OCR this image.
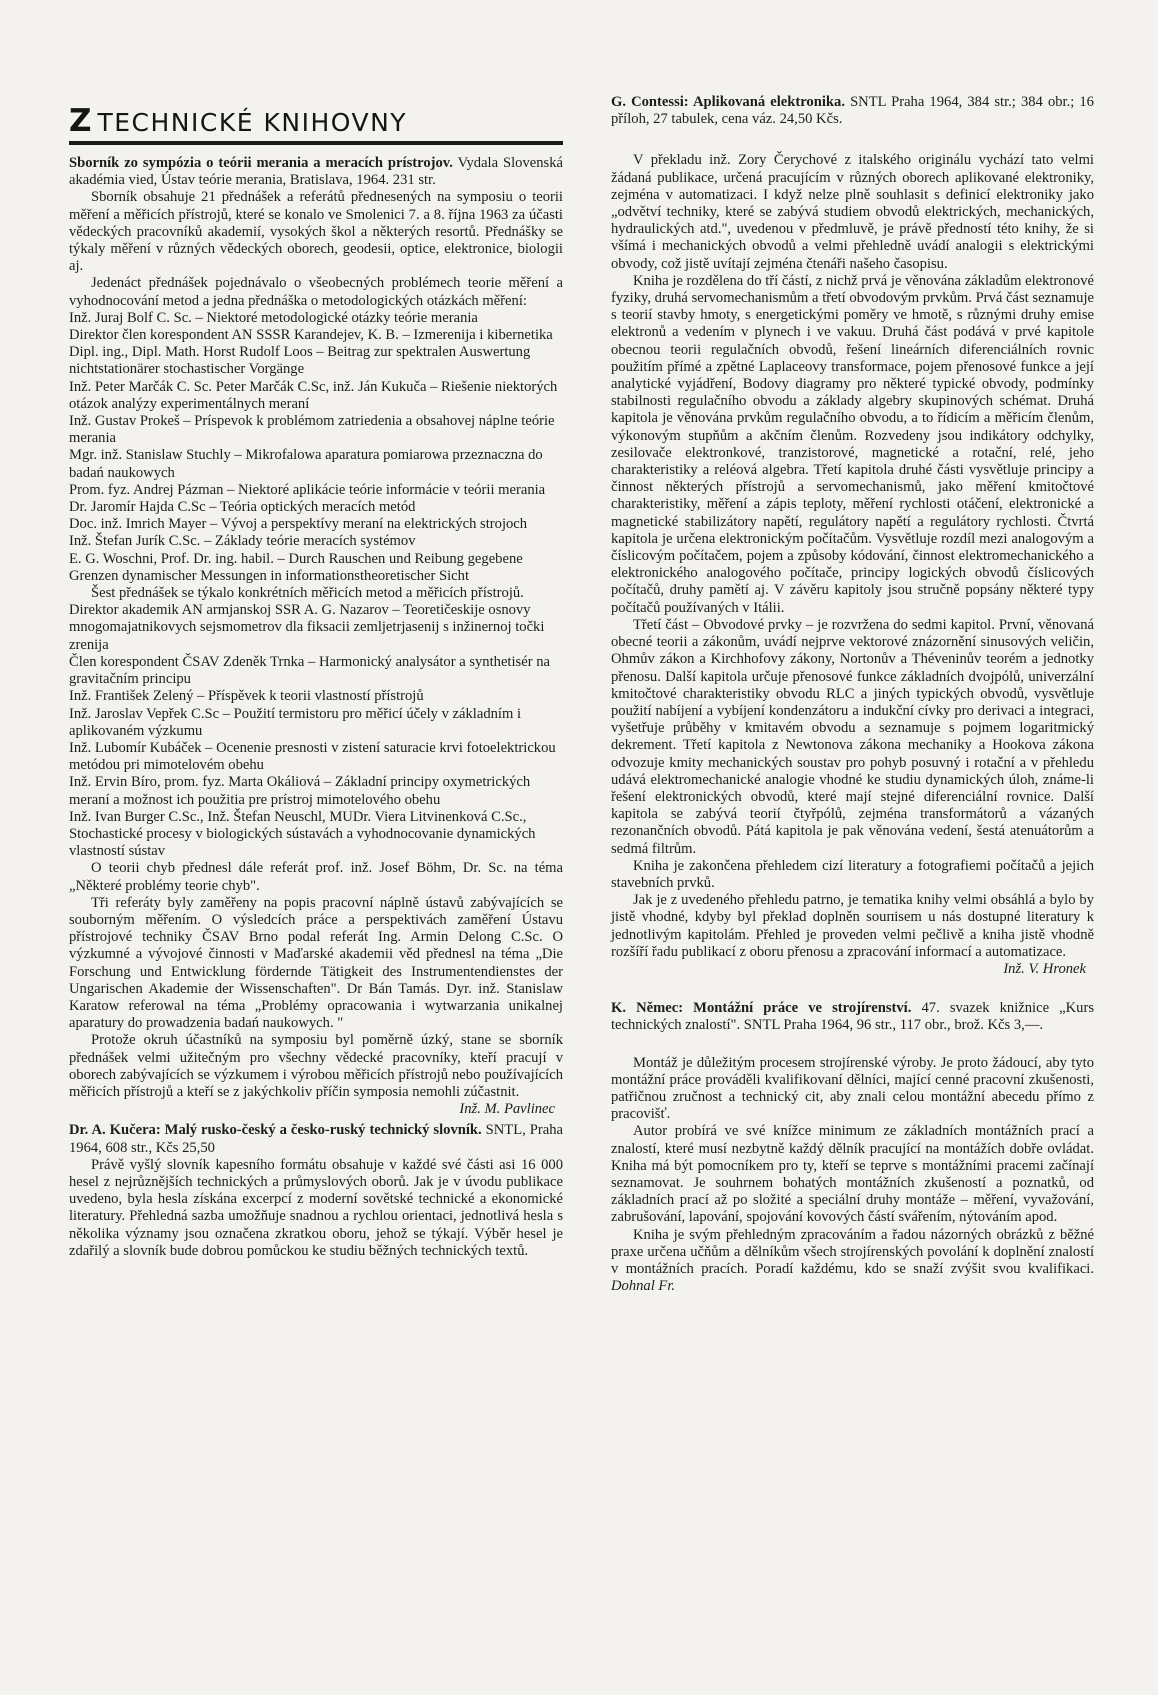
Z TECHNICKÉ KNIHOVNY

Sborník zo sympózia o teórii merania a meracích prístrojov. Vydala Slovenská akadémia vied, Ústav teórie merania, Bratislava, 1964. 231 str.

Sborník obsahuje 21 přednášek a referátů přednesených na symposiu o teorii měření a měřicích přístrojů, které se konalo ve Smolenici 7. a 8. října 1963 za účasti vědeckých pracovníků akademií, vysokých škol a některých resortů. Přednášky se týkaly měření v různých vědeckých oborech, geodesii, optice, elektronice, biologii aj.

Jedenáct přednášek pojednávalo o všeobecných problémech teorie měření a vyhodnocování metod a jedna přednáška o metodologických otázkách měření:

Inž. Juraj Bolf C. Sc. – Niektoré metodologické otázky teórie merania

Direktor člen korespondent AN SSSR Karandejev, K. B. – Izmerenija i kibernetika

Dipl. ing., Dipl. Math. Horst Rudolf Loos – Beitrag zur spektralen Auswertung nichtstationärer stochastischer Vorgänge

Inž. Peter Marčák C. Sc. Peter Marčák C.Sc, inž. Ján Kukuča – Riešenie niektorých otázok analýzy experimentálnych meraní

Inž. Gustav Prokeš – Príspevok k problémom zatriedenia a obsahovej náplne teórie merania

Mgr. inž. Stanislaw Stuchly – Mikrofalowa aparatura pomiarowa przeznaczna do badań naukowych

Prom. fyz. Andrej Pázman – Niektoré aplikácie teórie informácie v teórii merania

Dr. Jaromír Hajda C.Sc – Teória optických meracích metód

Doc. inž. Imrich Mayer – Vývoj a perspektívy meraní na elektrických strojoch

Inž. Štefan Jurík C.Sc. – Základy teórie meracích systémov

E. G. Woschni, Prof. Dr. ing. habil. – Durch Rauschen und Reibung gegebene Grenzen dynamischer Messungen in informationstheoretischer Sicht

Šest přednášek se týkalo konkrétních měřicích metod a měřicích přístrojů.

Direktor akademik AN armjanskoj SSR A. G. Nazarov – Teoretičeskije osnovy mnogomajatnikovych sejsmometrov dla fiksacii zemljetrjasenij s inžinernoj točki zrenija

Člen korespondent ČSAV Zdeněk Trnka – Harmonický analysátor a synthetisér na gravitačním principu

Inž. František Zelený – Příspěvek k teorii vlastností přístrojů

Inž. Jaroslav Vepřek C.Sc – Použití termistoru pro měřicí účely v základním i aplikovaném výzkumu

Inž. Lubomír Kubáček – Ocenenie presnosti v zistení saturacie krvi fotoelektrickou metódou pri mimotelovém obehu

Inž. Ervin Bíro, prom. fyz. Marta Okáliová – Základní principy oxymetrických meraní a možnost ich použitia pre prístroj mimotelového obehu

Inž. Ivan Burger C.Sc., Inž. Štefan Neuschl, MUDr. Viera Litvinenková C.Sc., Stochastické procesy v biologických sústavách a vyhodnocovanie dynamických vlastností sústav

O teorii chyb přednesl dále referát prof. inž. Josef Böhm, Dr. Sc. na téma „Některé problémy teorie chyb".

Tři referáty byly zaměřeny na popis pracovní náplně ústavů zabývajících se souborným měřením. O výsledcích práce a perspektivách zaměření Ústavu přístrojové techniky ČSAV Brno podal referát Ing. Armin Delong C.Sc. O výzkumné a vývojové činnosti v Maďarské akademii věd přednesl na téma „Die Forschung und Entwicklung fördernde Tätigkeit des Instrumentendienstes der Ungarischen Akademie der Wissenschaften". Dr Bán Tamás. Dyr. inž. Stanislaw Karatow referowal na téma „Problémy opracowania i wytwarzania unikalnej aparatury do prowadzenia badań naukowych. "

Protože okruh účastníků na symposiu byl poměrně úzký, stane se sborník přednášek velmi užitečným pro všechny vědecké pracovníky, kteří pracují v oborech zabývajících se výzkumem i výrobou měřicích přístrojů nebo používajících měřicích přístrojů a kteří se z jakýchkoliv příčin symposia nemohli zúčastnit.

Inž. M. Pavlinec

Dr. A. Kučera: Malý rusko-český a česko-ruský technický slovník. SNTL, Praha 1964, 608 str., Kčs 25,50

Právě vyšlý slovník kapesního formátu obsahuje v každé své části asi 16 000 hesel z nejrůznějších technických a průmyslových oborů. Jak je v úvodu publikace uvedeno, byla hesla získána excerpcí z moderní sovětské technické a ekonomické literatury. Přehledná sazba umožňuje snadnou a rychlou orientaci, jednotlivá hesla s několika významy jsou označena zkratkou oboru, jehož se týkají. Výběr hesel je zdařilý a slovník bude dobrou pomůckou ke studiu běžných technických textů.

G. Contessi: Aplikovaná elektronika. SNTL Praha 1964, 384 str.; 384 obr.; 16 příloh, 27 tabulek, cena váz. 24,50 Kčs.

V překladu inž. Zory Čerychové z italského originálu vychází tato velmi žádaná publikace, určená pracujícím v různých oborech aplikované elektroniky, zejména v automatizaci. I když nelze plně souhlasit s definicí elektroniky jako „odvětví techniky, které se zabývá studiem obvodů elektrických, mechanických, hydraulických atd.", uvedenou v předmluvě, je právě předností této knihy, že si všímá i mechanických obvodů a velmi přehledně uvádí analogii s elektrickými obvody, což jistě uvítají zejména čtenáři našeho časopisu.

Kniha je rozdělena do tří částí, z nichž prvá je věnována základům elektronové fyziky, druhá servomechanismům a třetí obvodovým prvkům. Prvá část seznamuje s teorií stavby hmoty, s energetickými poměry ve hmotě, s různými druhy emise elektronů a vedením v plynech i ve vakuu. Druhá část podává v prvé kapitole obecnou teorii regulačních obvodů, řešení lineárních diferenciálních rovnic použitím přímé a zpětné Laplaceovy transformace, pojem přenosové funkce a její analytické vyjádření, Bodovy diagramy pro některé typické obvody, podmínky stabilnosti regulačního obvodu a základy algebry skupinových schémat. Druhá kapitola je věnována prvkům regulačního obvodu, a to řídicím a měřicím členům, výkonovým stupňům a akčním členům. Rozvedeny jsou indikátory odchylky, zesilovače elektronkové, tranzistorové, magnetické a rotační, relé, jeho charakteristiky a reléová algebra. Třetí kapitola druhé části vysvětluje principy a činnost některých přístrojů a servomechanismů, jako měření kmitočtové charakteristiky, měření a zápis teploty, měření rychlosti otáčení, elektronické a magnetické stabilizátory napětí, regulátory napětí a regulátory rychlosti. Čtvrtá kapitola je určena elektronickým počítačům. Vysvětluje rozdíl mezi analogovým a číslicovým počítačem, pojem a způsoby kódování, činnost elektromechanického a elektronického analogového počítače, principy logických obvodů číslicových počítačů, druhy pamětí aj. V závěru kapitoly jsou stručně popsány některé typy počítačů používaných v Itálii.

Třetí část – Obvodové prvky – je rozvržena do sedmi kapitol. První, věnovaná obecné teorii a zákonům, uvádí nejprve vektorové znázornění sinusových veličin, Ohmův zákon a Kirchhofovy zákony, Nortonův a Théveninův teorém a jednotky přenosu. Další kapitola určuje přenosové funkce základních dvojpólů, univerzální kmitočtové charakteristiky obvodu RLC a jiných typických obvodů, vysvětluje použití nabíjení a vybíjení kondenzátoru a indukční cívky pro derivaci a integraci, vyšetřuje průběhy v kmitavém obvodu a seznamuje s pojmem logaritmický dekrement. Třetí kapitola z Newtonova zákona mechaniky a Hookova zákona odvozuje kmity mechanických soustav pro pohyb posuvný i rotační a v přehledu udává elektromechanické analogie vhodné ke studiu dynamických úloh, známe-li řešení elektronických obvodů, které mají stejné diferenciální rovnice. Další kapitola se zabývá teorií čtyřpólů, zejména transformátorů a vázaných rezonančních obvodů. Pátá kapitola je pak věnována vedení, šestá atenuátorům a sedmá filtrům.

Kniha je zakončena přehledem cizí literatury a fotografiemi počítačů a jejich stavebních prvků.

Jak je z uvedeného přehledu patrno, je tematika knihy velmi obsáhlá a bylo by jistě vhodné, kdyby byl překlad doplněn souпisem u nás dostupné literatury k jednotlivým kapitolám. Přehled je proveden velmi pečlivě a kniha jistě vhodně rozšíří řadu publikací z oboru přenosu a zpracování informací a automatizace.

Inž. V. Hronek

K. Němec: Montážní práce ve strojírenství. 47. svazek knižnice „Kurs technických znalostí". SNTL Praha 1964, 96 str., 117 obr., brož. Kčs 3,—.

Montáž je důležitým procesem strojírenské výroby. Je proto žádoucí, aby tyto montážní práce prováděli kvalifikovaní dělníci, mající cenné pracovní zkušenosti, patřičnou zručnost a technický cit, aby znali celou montážní abecedu přímo z pracovišť.

Autor probírá ve své knížce minimum ze základních montážních prací a znalostí, které musí nezbytně každý dělník pracující na montážích dobře ovládat. Kniha má být pomocníkem pro ty, kteří se teprve s montážními pracemi začínají seznamovat. Je souhrnem bohatých montážních zkušeností a poznatků, od základních prací až po složité a speciální druhy montáže – měření, vyvažování, zabrušování, lapování, spojování kovových částí svářením, nýtováním apod.

Kniha je svým přehledným zpracováním a řadou názorných obrázků z běžné praxe určena učňům a dělníkům všech strojírenských povolání k doplnění znalostí v montážních pracích. Poradí každému, kdo se snaží zvýšit svou kvalifikaci. Dohnal Fr.
